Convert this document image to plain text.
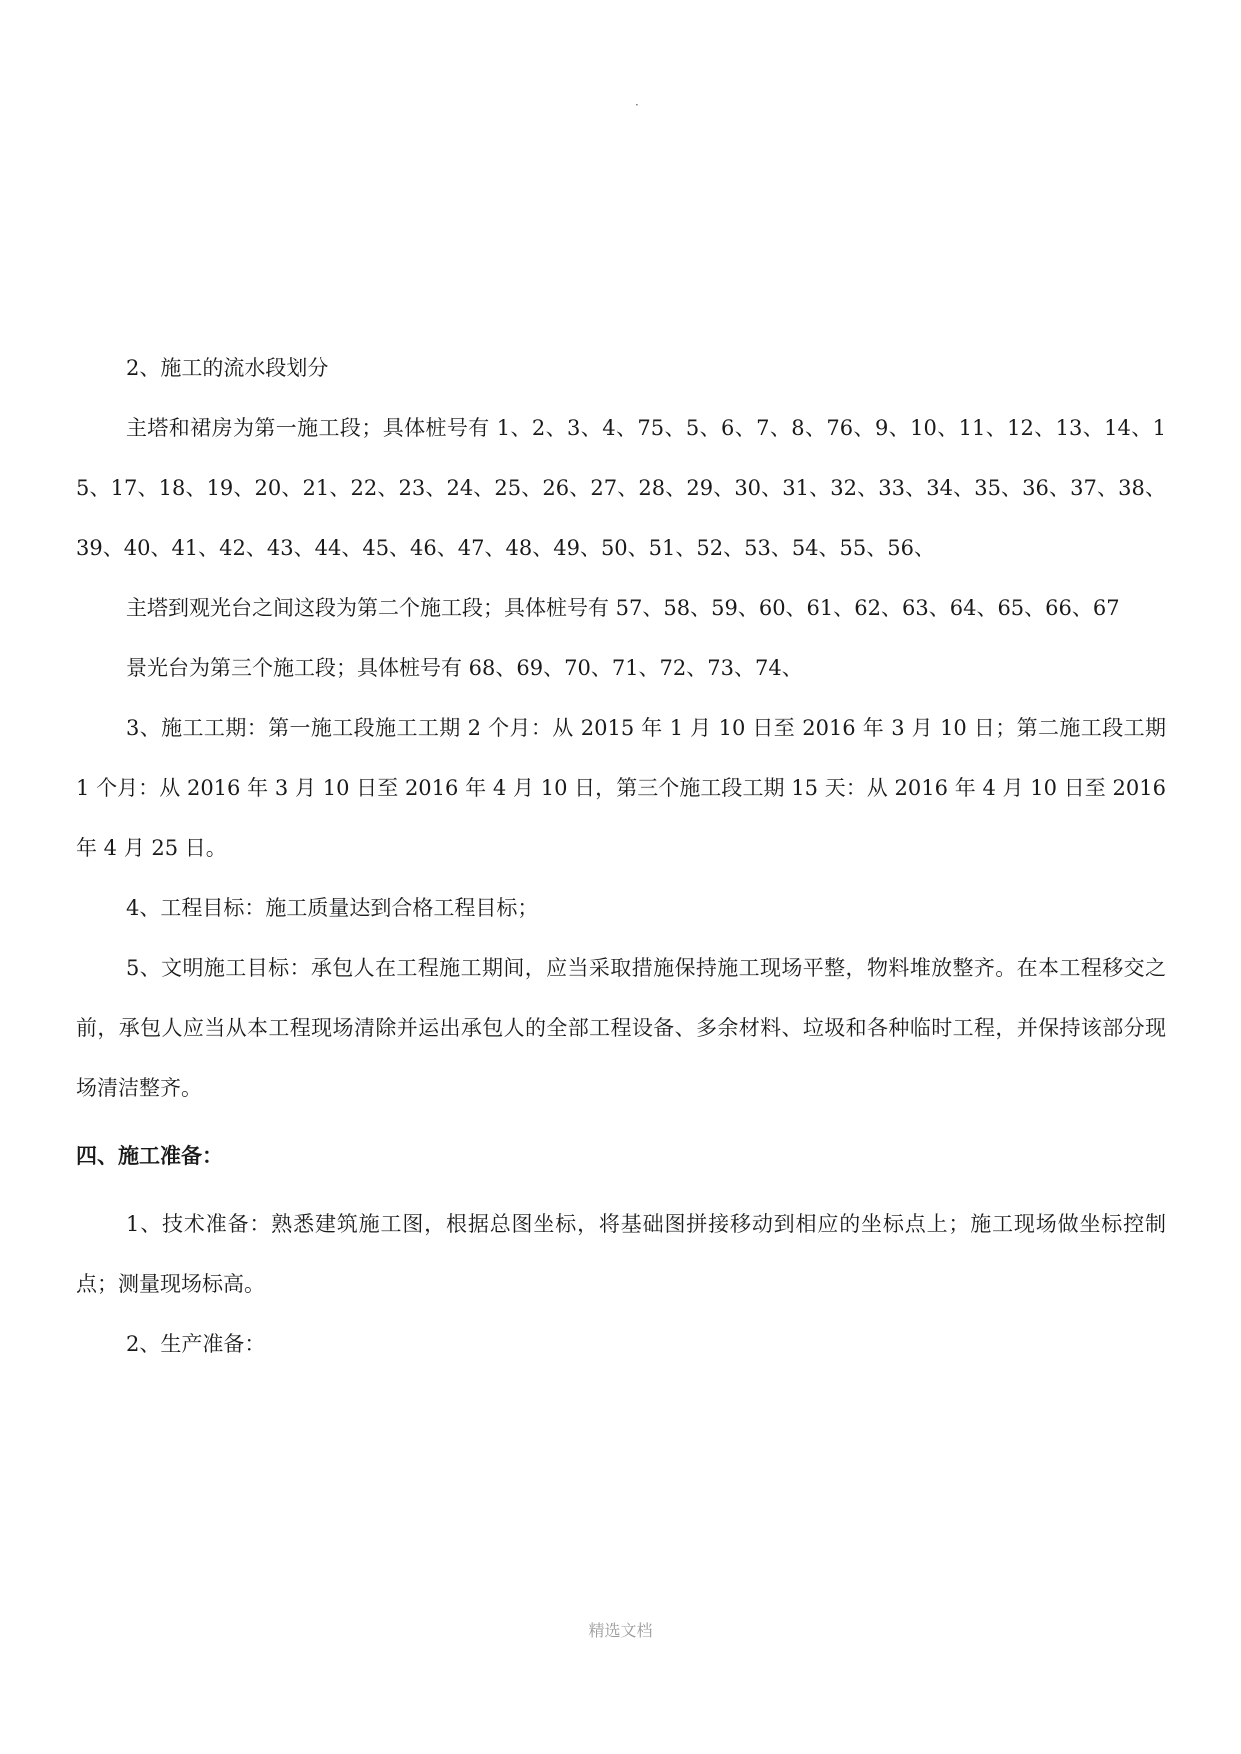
·

2、施工的流水段划分

主塔和裙房为第一施工段；具体桩号有 1、2、3、4、75、5、6、7、8、76、9、10、11、12、13、14、15、17、18、19、20、21、22、23、24、25、26、27、28、29、30、31、32、33、34、35、36、37、38、39、40、41、42、43、44、45、46、47、48、49、50、51、52、53、54、55、56、

主塔到观光台之间这段为第二个施工段；具体桩号有 57、58、59、60、61、62、63、64、65、66、67

景光台为第三个施工段；具体桩号有 68、69、70、71、72、73、74、

3、施工工期：第一施工段施工工期 2 个月：从 2015 年 1 月 10 日至 2016 年 3 月 10 日；第二施工段工期 1 个月：从 2016 年 3 月 10 日至 2016 年 4 月 10 日，第三个施工段工期 15 天：从 2016 年 4 月 10 日至 2016 年 4 月 25 日。

4、工程目标：施工质量达到合格工程目标；

5、文明施工目标：承包人在工程施工期间，应当采取措施保持施工现场平整，物料堆放整齐。在本工程移交之前，承包人应当从本工程现场清除并运出承包人的全部工程设备、多余材料、垃圾和各种临时工程，并保持该部分现场清洁整齐。

四、施工准备：

1、技术准备：熟悉建筑施工图，根据总图坐标，将基础图拼接移动到相应的坐标点上；施工现场做坐标控制点；测量现场标高。

2、生产准备：

精选文档
